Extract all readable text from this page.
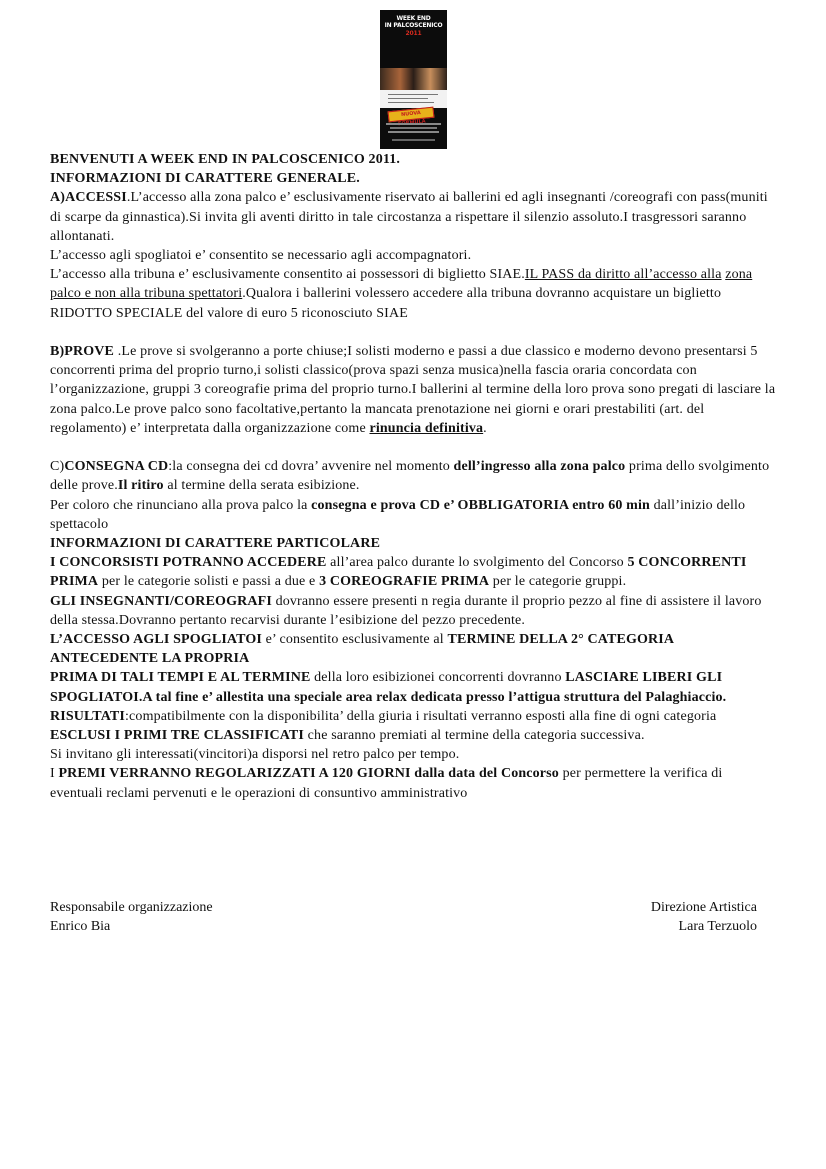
WEEK END
IN PALCOSCENICO
2011
NUOVA

BENVENUTI A WEEK END IN PALCOSCENICO 2011.

INFORMAZIONI DI CARATTERE GENERALE.

A)ACCESSI.L’accesso alla zona palco e’ esclusivamente riservato ai ballerini ed agli insegnanti /coreografi con pass(muniti di scarpe da ginnastica).Si invita gli aventi diritto in tale circostanza a rispettare il silenzio assoluto.I trasgressori saranno allontanati.

L’accesso agli spogliatoi e’ consentito se necessario agli accompagnatori.

L’accesso alla tribuna e’ esclusivamente consentito ai possessori di biglietto SIAE.IL PASS da diritto all’accesso alla zona palco e non alla tribuna spettatori.Qualora i ballerini volessero accedere alla tribuna dovranno acquistare un biglietto RIDOTTO SPECIALE del valore di euro 5 riconosciuto SIAE

B)PROVE .Le prove si svolgeranno a porte chiuse;I solisti moderno e passi a due classico e moderno devono presentarsi 5 concorrenti prima del proprio turno,i solisti classico(prova spazi senza musica)nella fascia oraria concordata con l’organizzazione, gruppi 3 coreografie prima del proprio turno.I ballerini al termine della loro prova sono pregati di lasciare la zona palco.Le prove palco sono facoltative,pertanto la mancata prenotazione nei giorni e orari prestabiliti (art. del regolamento) e’ interpretata dalla organizzazione come rinuncia definitiva.

C)CONSEGNA CD:la consegna dei cd dovra’ avvenire nel momento dell’ingresso alla zona palco prima dello svolgimento delle prove.Il ritiro al termine della serata esibizione.

Per coloro che rinunciano alla prova palco la consegna e prova CD e’ OBBLIGATORIA entro 60 min dall’inizio dello spettacolo

INFORMAZIONI DI CARATTERE PARTICOLARE

I CONCORSISTI POTRANNO ACCEDERE all’area palco durante lo svolgimento del Concorso 5 CONCORRENTI PRIMA per le categorie solisti e passi a due e 3 COREOGRAFIE PRIMA per le categorie gruppi.

GLI INSEGNANTI/COREOGRAFI dovranno essere presenti n regia durante il proprio pezzo al fine di assistere il lavoro della stessa.Dovranno pertanto recarvisi durante l’esibizione del pezzo precedente.

L’ACCESSO AGLI SPOGLIATOI e’ consentito esclusivamente al TERMINE DELLA 2° CATEGORIA ANTECEDENTE LA PROPRIA

PRIMA DI TALI TEMPI E AL TERMINE della loro esibizionei concorrenti dovranno LASCIARE LIBERI GLI SPOGLIATOI.A tal fine e’ allestita una speciale area relax dedicata presso l’attigua struttura del Palaghiaccio.

RISULTATI:compatibilmente con la disponibilita’ della giuria i risultati verranno esposti alla fine di ogni categoria ESCLUSI I PRIMI TRE CLASSIFICATI che saranno premiati al termine della categoria successiva.

Si invitano gli interessati(vincitori)a disporsi nel retro palco per tempo.

I PREMI VERRANNO REGOLARIZZATI A 120 GIORNI dalla data del Concorso per permettere la verifica di eventuali reclami pervenuti e le operazioni di consuntivo amministrativo

Responsabile organizzazione
Enrico Bia
Direzione Artistica
Lara Terzuolo
